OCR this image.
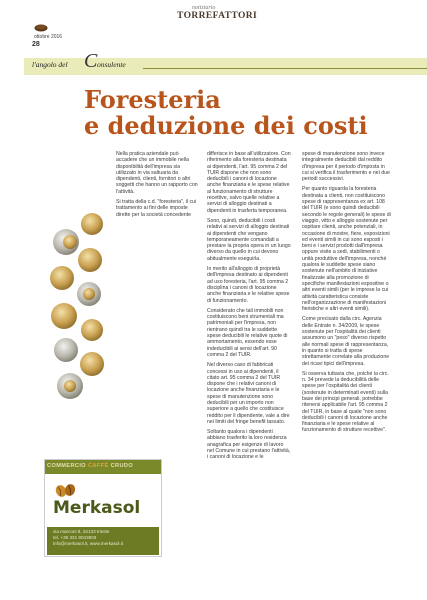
ottobre 2016
28
notiziario
TORREFATTORI
l'angolo del C onsulente
Foresteria
e deduzione dei costi

Nella pratica aziendale può accadere che un immobile nella disponibilità dell'impresa sia utilizzato in via saltuaria da dipendenti, clienti, fornitori o altri soggetti che hanno un rapporto con l'attività.

Si tratta della c.d. "foresteria", il cui trattamento ai fini delle imposte dirette per la società concedente

differisce in base all'utilizzatore. Con riferimento alla foresteria destinata ai dipendenti, l'art. 95 comma 2 del TUIR dispone che non sono deducibili i canoni di locazione anche finanziaria e le spese relative al funzionamento di strutture recettive, salvo quelle relative a servizi di alloggio destinati a dipendenti in trasferta temporanea.

Sono, quindi, deducibili i costi relativi ai servizi di alloggio destinati ai dipendenti che vengano temporaneamente comandati a prestare la propria opera in un luogo diverso da quello in cui devono abitualmente eseguirla.

In merito all'alloggio di proprietà dell'impresa destinato ai dipendenti ad uso foresteria, l'art. 95 comma 2 disciplina i canoni di locazione anche finanziaria e le relative spese di funzionamento.

Considerato che tali immobili non costituiscono beni strumentali ma patrimoniali per l'impresa, non rientrano quindi tra le suddette spese deducibili le relative quote di ammortamento, essendo esse indeducibili ai sensi dell'art. 90 comma 2 del TUIR.

Nel diverso caso di fabbricati concessi in uso ai dipendenti, il citato art. 95 comma 2 del TUIR dispone che i relativi canoni di locazione anche finanziaria e le spese di manutenzione sono deducibili per un importo non superiore a quello che costituisce reddito per il dipendente, vale a dire nei limiti del fringe benefit tassato.

Soltanto qualora i dipendenti abbiano trasferito la loro residenza anagrafica per esigenze di lavoro nel Comune in cui prestano l'attività, i canoni di locazione e le

spese di manutenzione sono invece integralmente deducibili dal reddito d'impresa per il periodo d'imposta in cui si verifica il trasferimento e nei due periodi successivi.

Per quanto riguarda la foresteria destinata a clienti, non costituiscono spese di rappresentanza ex art. 108 del TUIR (e sono quindi deducibili secondo le regole generali) le spese di viaggio, vitto e alloggio sostenute per ospitare clienti, anche potenziali, in occasione di mostre, fiere, esposizioni ed eventi simili in cui sono esposti i beni e i servizi prodotti dall'impresa oppure visite a sedi, stabilimenti o unità produttive dell'impresa, nonché qualora le suddette spese siano sostenute nell'ambito di iniziative finalizzate alla promozione di specifiche manifestazioni espositive o altri eventi simili (per le imprese la cui attività caratteristica consiste nell'organizzazione di manifestazioni fieristiche e altri eventi simili).

Come precisato dalla circ. Agenzia delle Entrate n. 34/2009, le spese sostenute per l'ospitalità dei clienti assumono un "peso" diverso rispetto alle normali spese di rappresentanza, in quanto si tratta di spese strettamente correlate alla produzione dei ricavi tipici dell'impresa.

Si osserva tuttavia che, poiché la circ. n. 34 prevede la deducibilità delle spese per l'ospitalità dei clienti (sostenute in determinati eventi) sulla base dei principi generali, potrebbe ritenersi applicabile l'art. 95 comma 2 del TUIR, in base al quale "non sono deducibili i canoni di locazione anche finanziaria e le spese relative al funzionamento di strutture recettive".

COMMERCIO CAFFÈ CRUDO
Merkasol
via marconi 8, 34133 trieste
tel. +39 331 8043803
info@merkasol.it, www.merkasol.it
